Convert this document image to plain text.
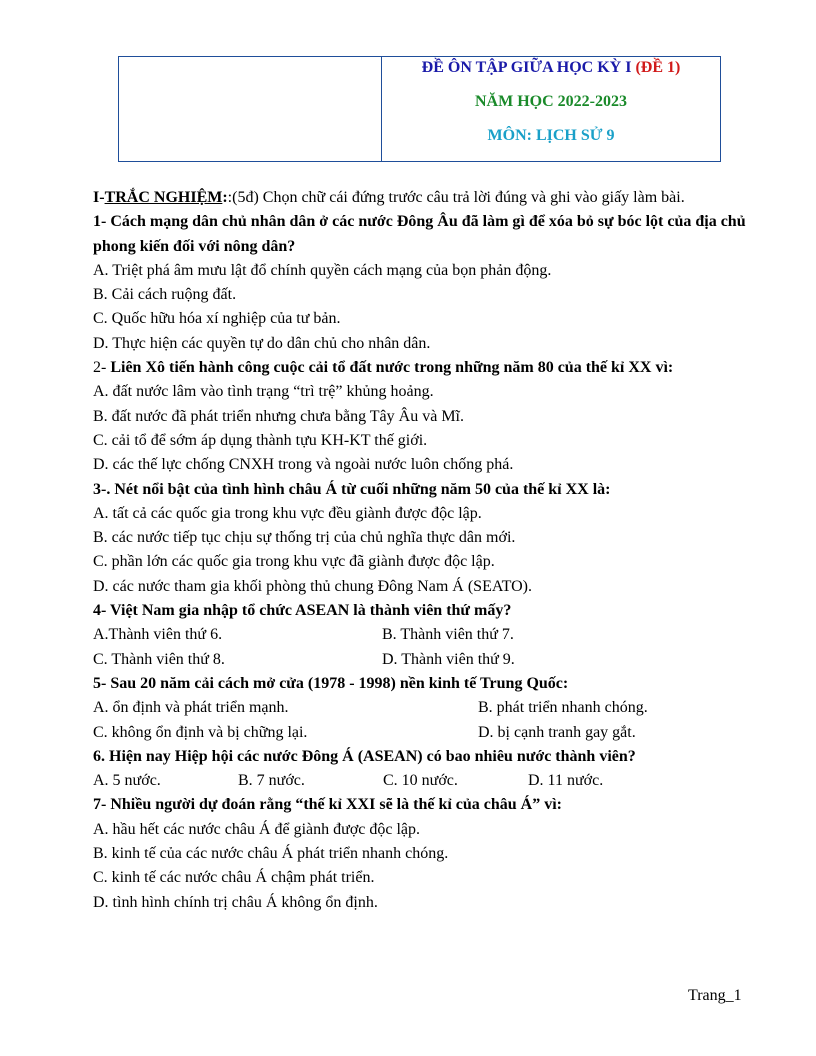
ĐỀ ÔN TẬP GIỮA HỌC KỲ I (ĐỀ 1)
NĂM HỌC 2022-2023
MÔN: LỊCH SỬ 9
I-TRẮC NGHIỆM::(5đ) Chọn chữ cái đứng trước câu trả lời đúng và ghi vào giấy làm bài.
1- Cách mạng dân chủ nhân dân ở các nước Đông Âu đã làm gì để xóa bỏ sự bóc lột của địa chủ phong kiến đối với nông dân?
A. Triệt phá âm mưu lật đổ chính quyền cách mạng của bọn phản động.
B. Cải cách ruộng đất.
C. Quốc hữu hóa xí nghiệp của tư bản.
D. Thực hiện các quyền tự do dân chủ cho nhân dân.
2- Liên Xô tiến hành công cuộc cải tổ đất nước trong những năm 80 của thế kỉ XX vì:
A. đất nước lâm vào tình trạng “trì trệ” khủng hoảng.
B. đất nước đã phát triển nhưng chưa bằng Tây Âu và Mĩ.
C. cải tổ để sớm áp dụng thành tựu KH-KT thế giới.
D. các thế lực chống CNXH trong và ngoài nước luôn chống phá.
3-. Nét nổi bật của tình hình châu Á từ cuối những năm 50 của thế kỉ XX là:
A. tất cả các quốc gia trong khu vực đều giành được độc lập.
B. các nước tiếp tục chịu sự thống trị của chủ nghĩa thực dân mới.
C. phần lớn các quốc gia trong khu vực đã giành được độc lập.
D. các nước tham gia khối phòng thủ chung Đông Nam Á (SEATO).
4- Việt Nam gia nhập tổ chức ASEAN là thành viên thứ mấy?
A.Thành viên thứ 6.	B. Thành viên thứ 7.
C. Thành viên thứ 8.	D. Thành viên thứ 9.
5- Sau 20 năm cải cách mở cửa (1978 - 1998) nền kinh tế Trung Quốc:
A. ổn định và phát triển mạnh.	B. phát triển nhanh chóng.
C. không ổn định và bị chững lại.	D. bị cạnh tranh gay gắt.
6. Hiện nay Hiệp hội các nước Đông Á (ASEAN) có bao nhiêu nước thành viên?
A. 5 nước.	B. 7 nước.	C. 10 nước.	D. 11 nước.
7- Nhiều người dự đoán rằng “thế kỉ XXI sẽ là thế kỉ của châu Á” vì:
A. hầu hết các nước châu Á để giành được độc lập.
B. kinh tế của các nước châu Á phát triển nhanh chóng.
C. kinh tế các nước châu Á chậm phát triển.
D. tình hình chính trị châu Á không ổn định.
Trang_1
